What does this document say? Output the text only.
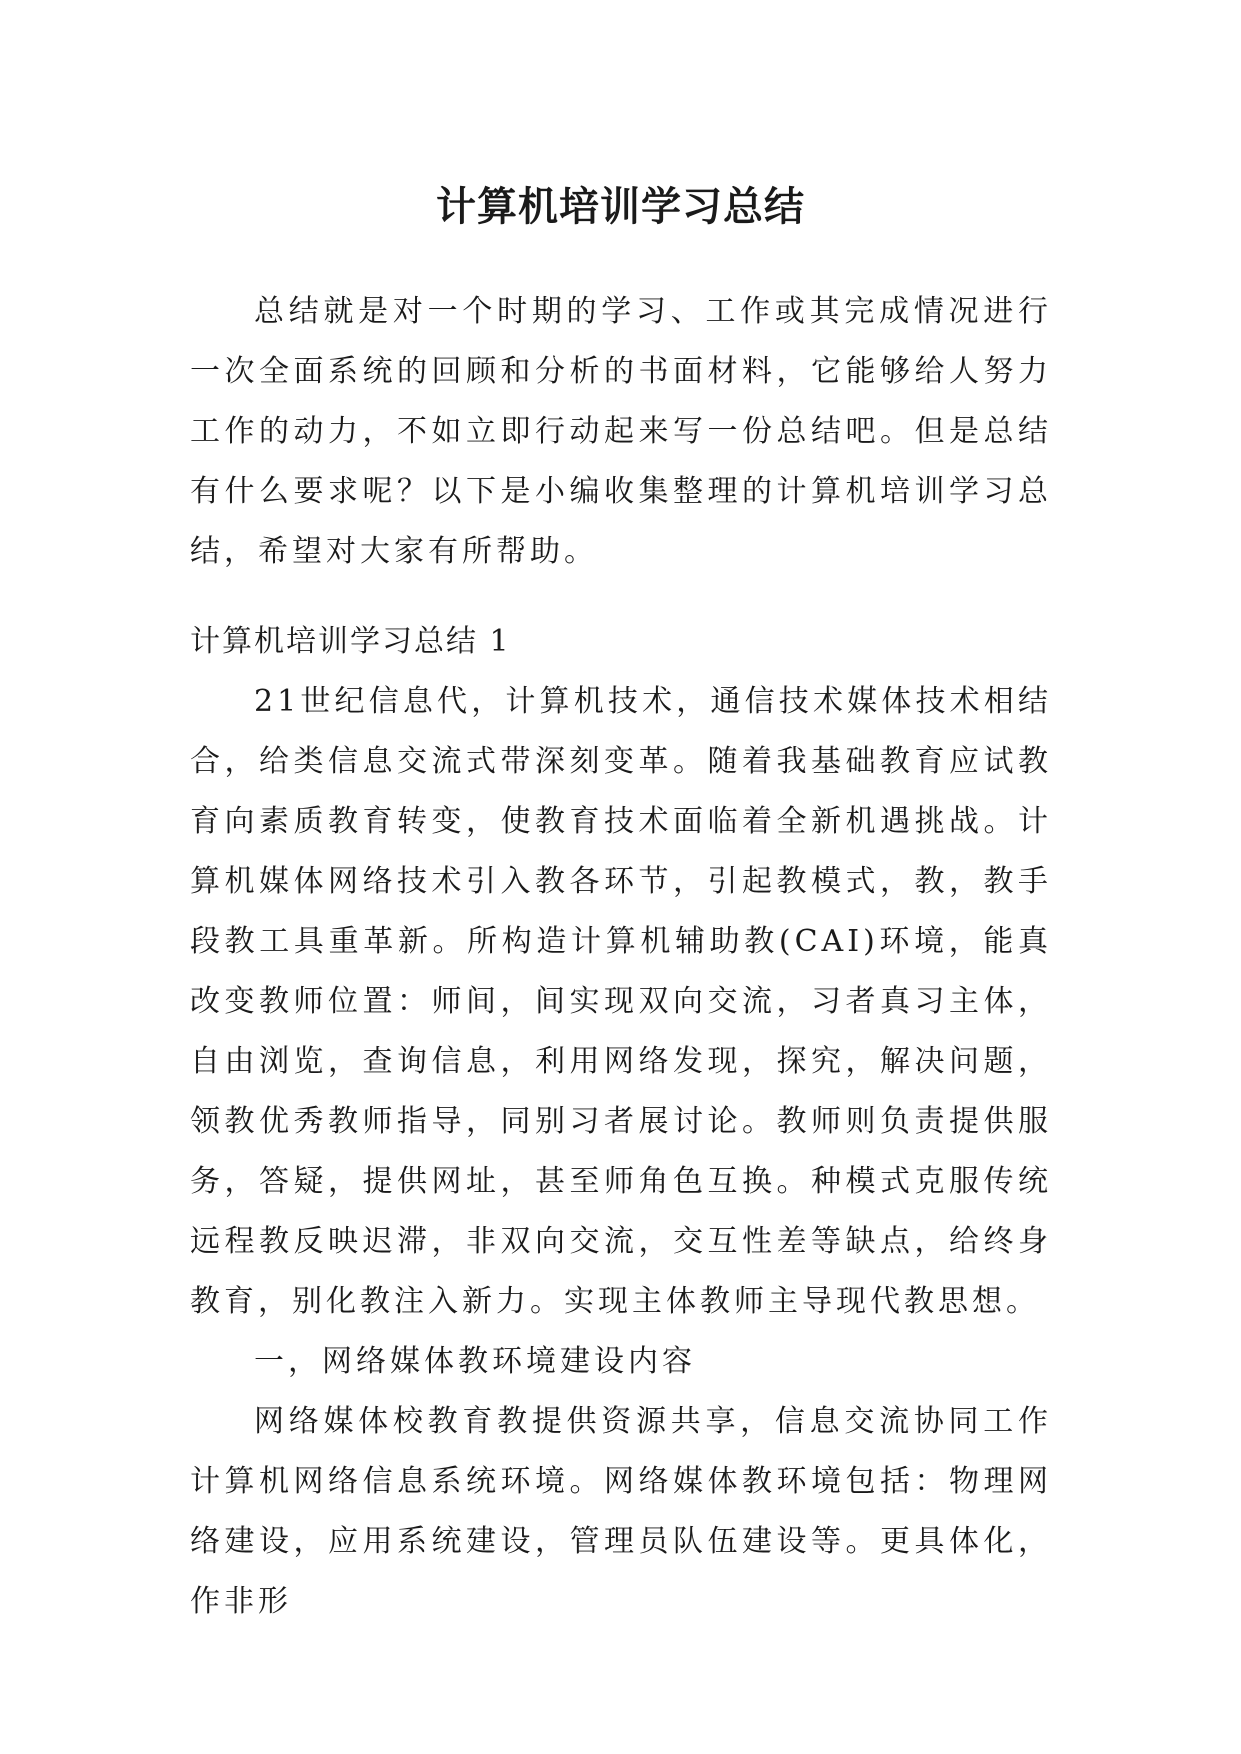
计算机培训学习总结

总结就是对一个时期的学习、工作或其完成情况进行一次全面系统的回顾和分析的书面材料，它能够给人努力工作的动力，不如立即行动起来写一份总结吧。但是总结有什么要求呢？以下是小编收集整理的计算机培训学习总结，希望对大家有所帮助。

计算机培训学习总结 1

21世纪信息代，计算机技术，通信技术媒体技术相结合，给类信息交流式带深刻变革。随着我基础教育应试教育向素质教育转变，使教育技术面临着全新机遇挑战。计算机媒体网络技术引入教各环节，引起教模式，教，教手段教工具重革新。所构造计算机辅助教(CAI)环境，能真改变教师位置：师间，间实现双向交流，习者真习主体，自由浏览，查询信息，利用网络发现，探究，解决问题，领教优秀教师指导，同别习者展讨论。教师则负责提供服务，答疑，提供网址，甚至师角色互换。种模式克服传统远程教反映迟滞，非双向交流，交互性差等缺点，给终身教育，别化教注入新力。实现主体教师主导现代教思想。

一，网络媒体教环境建设内容

网络媒体校教育教提供资源共享，信息交流协同工作计算机网络信息系统环境。网络媒体教环境包括：物理网络建设，应用系统建设，管理员队伍建设等。更具体化，作非形
